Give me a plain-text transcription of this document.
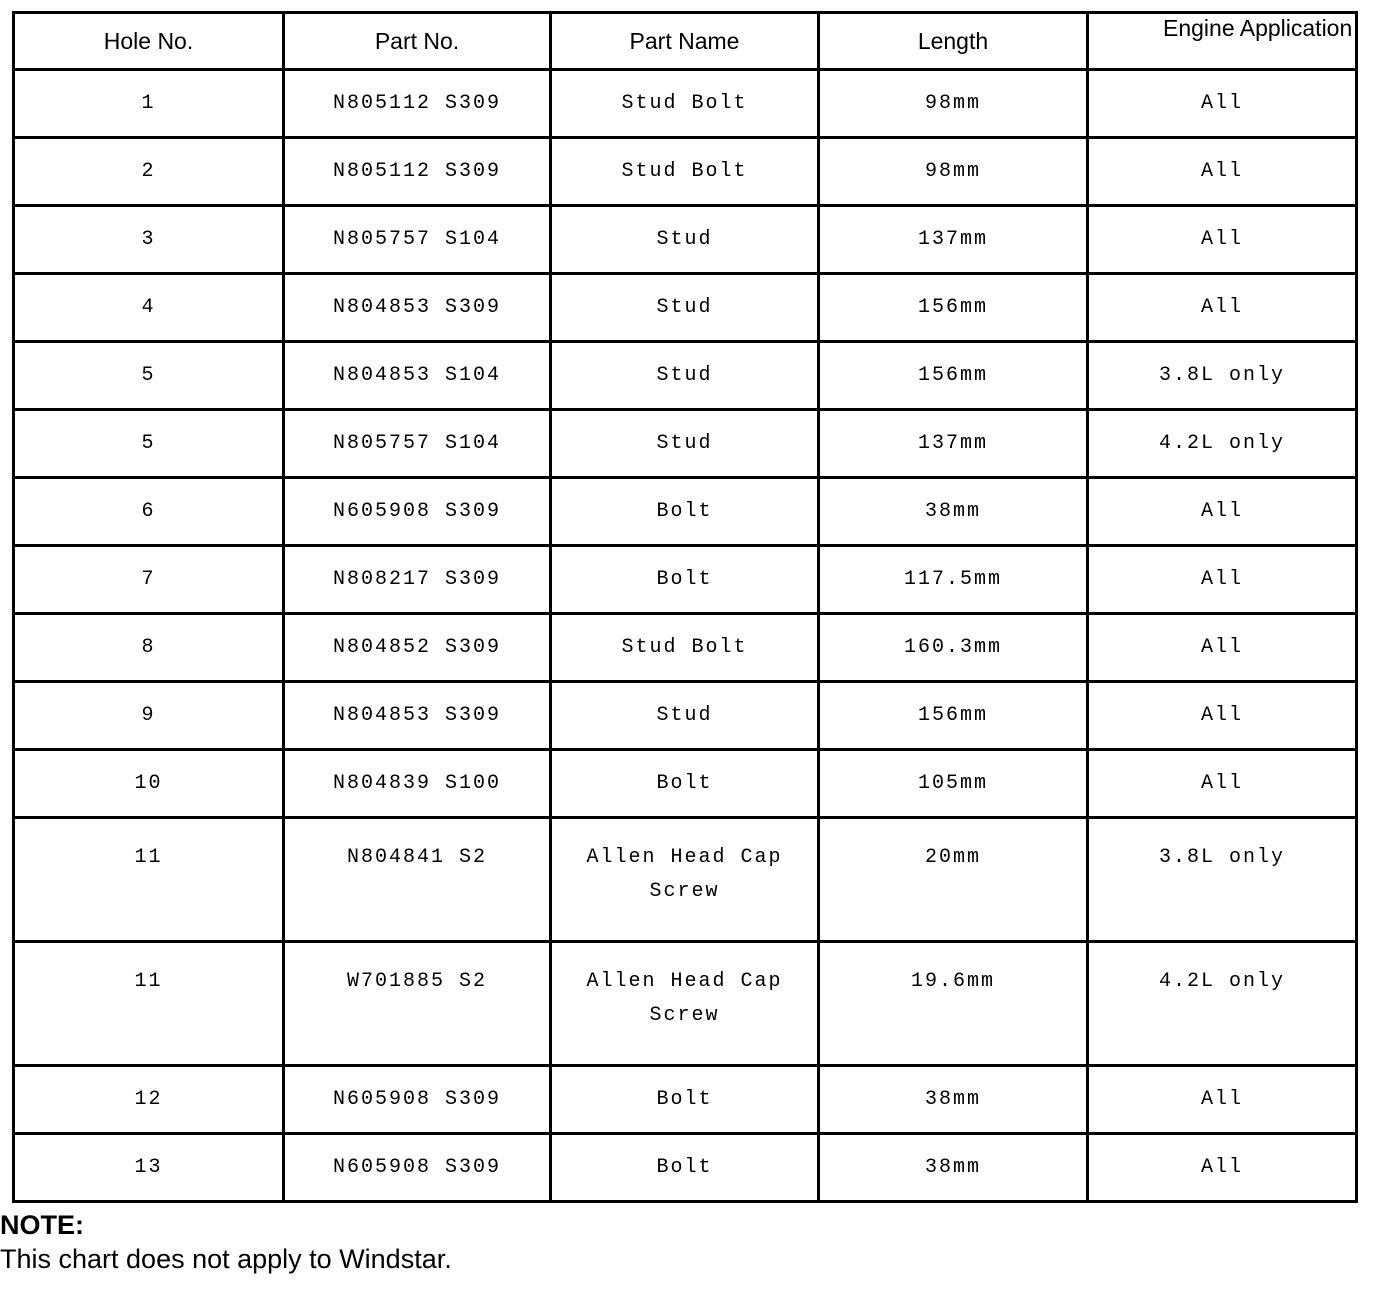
Hole No.	Part No.	Part Name	Length	Engine Application
1	N805112 S309	Stud Bolt	98mm	All
2	N805112 S309	Stud Bolt	98mm	All
3	N805757 S104	Stud	137mm	All
4	N804853 S309	Stud	156mm	All
5	N804853 S104	Stud	156mm	3.8L only
5	N805757 S104	Stud	137mm	4.2L only
6	N605908 S309	Bolt	38mm	All
7	N808217 S309	Bolt	117.5mm	All
8	N804852 S309	Stud Bolt	160.3mm	All
9	N804853 S309	Stud	156mm	All
10	N804839 S100	Bolt	105mm	All
11	N804841 S2	Allen Head Cap Screw	20mm	3.8L only
11	W701885 S2	Allen Head Cap Screw	19.6mm	4.2L only
12	N605908 S309	Bolt	38mm	All
13	N605908 S309	Bolt	38mm	All
NOTE:
This chart does not apply to Windstar.
